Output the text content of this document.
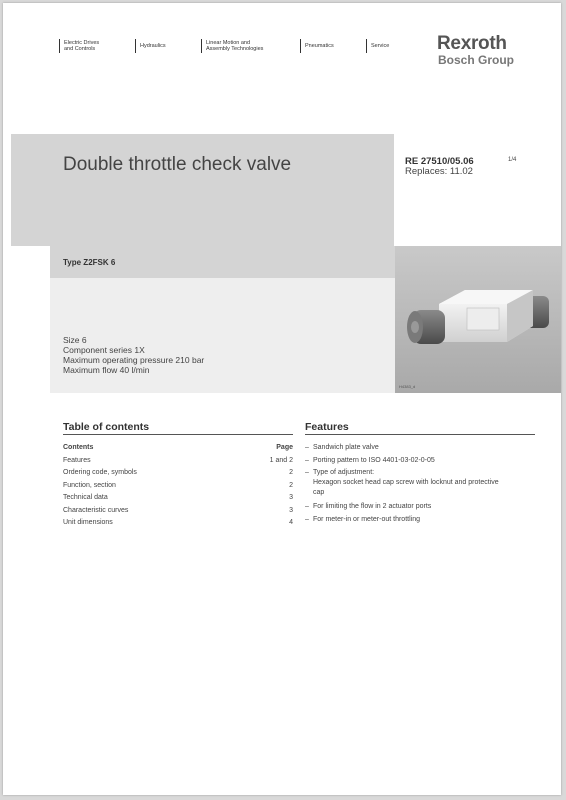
Electric Drives
and Controls	Hydraulics	Linear Motion and
Assembly Technologies	Pneumatics	Service	Rexroth
Bosch Group
Double throttle check valve	RE 27510/05.06
Replaces: 11.02
1/4
Type Z2FSK 6
Size 6
Component series 1X
Maximum operating pressure 210 bar
Maximum flow 40 l/min
H4383_d
Table of contents
Contents	Page
Features	1 and 2
Ordering code, symbols	2
Function, section	2
Technical data	3
Characteristic curves	3
Unit dimensions	4
Features
– Sandwich plate valve
– Porting pattern to ISO 4401-03-02-0-05
– Type of adjustment:
Hexagon socket head cap screw with locknut and protective cap
– For limiting the flow in 2 actuator ports
– For meter-in or meter-out throttling
